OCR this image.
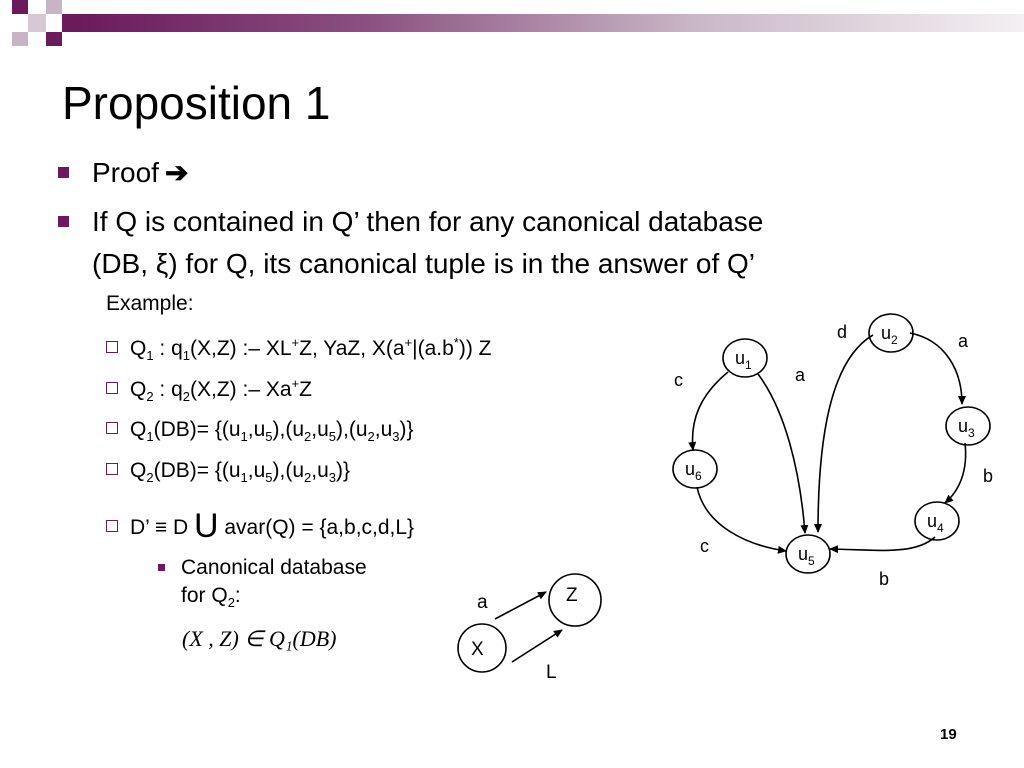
Proposition 1
Proof ➔
If Q is contained in Q’ then for any canonical database
(DB, ξ) for Q, its canonical tuple is in the answer of Q’
Example:
$Q_1$ : $q_1(X,Z)$ :– XL+Z, YaZ, X(a+|(a.b*)) Z
$Q_2$ : $q_2(X,Z)$ :– Xa+Z
$Q_1(DB)= \{(u_1,u_5),(u_2,u_5),(u_2,u_3)\}$
$Q_2(DB)= \{(u_1,u_5),(u_2,u_3)\}$
D’ ≡ D U avar(Q) = {a,b,c,d,L}
Canonical database
for $Q_2$:
(X , Z) ∈ Q₁(DB)
$u_1$
$u_2$
$u_3$
$u_4$
$u_5$
$u_6$
c	a
d	a
b
b
c
X
Z
a
L
19
